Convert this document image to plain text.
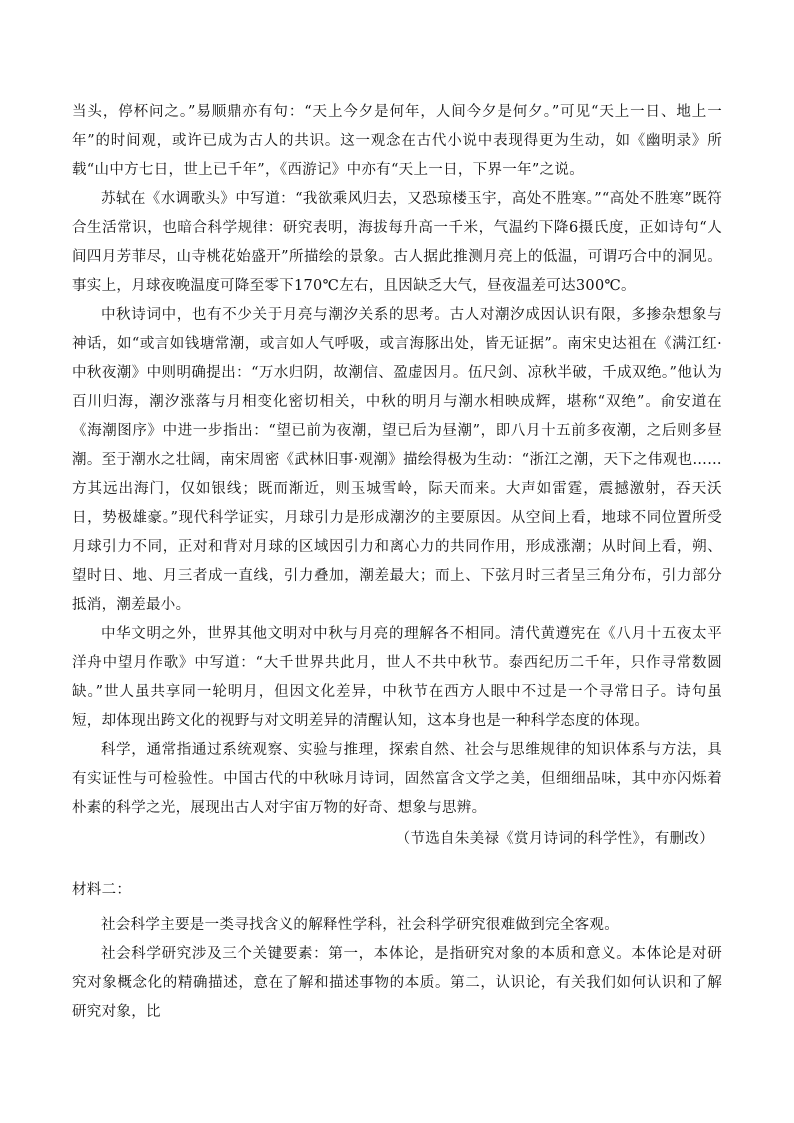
当头，停杯问之。”易顺鼎亦有句：“天上今夕是何年，人间今夕是何夕。”可见“天上一日、地上一年”的时间观，或许已成为古人的共识。这一观念在古代小说中表现得更为生动，如《幽明录》所载“山中方七日，世上已千年”，《西游记》中亦有“天上一日，下界一年”之说。

苏轼在《水调歌头》中写道：“我欲乘风归去，又恐琼楼玉宇，高处不胜寒。”“高处不胜寒”既符合生活常识，也暗合科学规律：研究表明，海拔每升高一千米，气温约下降6摄氏度，正如诗句“人间四月芳菲尽，山寺桃花始盛开”所描绘的景象。古人据此推测月亮上的低温，可谓巧合中的洞见。事实上，月球夜晚温度可降至零下170℃左右，且因缺乏大气，昼夜温差可达300℃。

中秋诗词中，也有不少关于月亮与潮汐关系的思考。古人对潮汐成因认识有限，多掺杂想象与神话，如“或言如钱塘常潮，或言如人气呼吸，或言海豚出处，皆无证据”。南宋史达祖在《满江红·中秋夜潮》中则明确提出：“万水归阴，故潮信、盈虚因月。伍尺剑、凉秋半破，千成双绝。”他认为百川归海，潮汐涨落与月相变化密切相关，中秋的明月与潮水相映成辉，堪称“双绝”。俞安道在《海潮图序》中进一步指出：“望已前为夜潮，望已后为昼潮”，即八月十五前多夜潮，之后则多昼潮。至于潮水之壮阔，南宋周密《武林旧事·观潮》描绘得极为生动：“浙江之潮，天下之伟观也……方其远出海门，仅如银线；既而渐近，则玉城雪岭，际天而来。大声如雷霆，震撼激射，吞天沃日，势极雄豪。”现代科学证实，月球引力是形成潮汐的主要原因。从空间上看，地球不同位置所受月球引力不同，正对和背对月球的区域因引力和离心力的共同作用，形成涨潮；从时间上看，朔、望时日、地、月三者成一直线，引力叠加，潮差最大；而上、下弦月时三者呈三角分布，引力部分抵消，潮差最小。

中华文明之外，世界其他文明对中秋与月亮的理解各不相同。清代黄遵宪在《八月十五夜太平洋舟中望月作歌》中写道：“大千世界共此月，世人不共中秋节。泰西纪历二千年，只作寻常数圆缺。”世人虽共享同一轮明月，但因文化差异，中秋节在西方人眼中不过是一个寻常日子。诗句虽短，却体现出跨文化的视野与对文明差异的清醒认知，这本身也是一种科学态度的体现。

科学，通常指通过系统观察、实验与推理，探索自然、社会与思维规律的知识体系与方法，具有实证性与可检验性。中国古代的中秋咏月诗词，固然富含文学之美，但细细品味，其中亦闪烁着朴素的科学之光，展现出古人对宇宙万物的好奇、想象与思辨。

（节选自朱美禄《赏月诗词的科学性》，有删改）

材料二：

社会科学主要是一类寻找含义的解释性学科，社会科学研究很难做到完全客观。

社会科学研究涉及三个关键要素：第一，本体论，是指研究对象的本质和意义。本体论是对研究对象概念化的精确描述，意在了解和描述事物的本质。第二，认识论，有关我们如何认识和了解研究对象，比
